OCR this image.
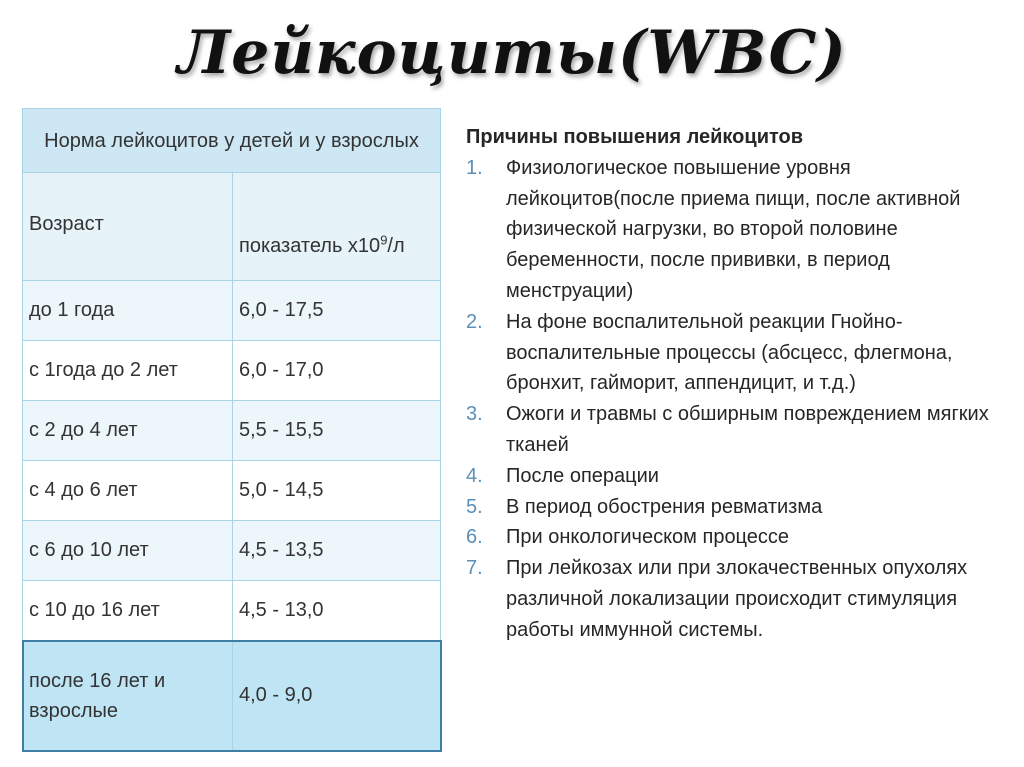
Лейкоциты(WBC)
Норма лейкоцитов у детей и у взрослых	
Возраст	показатель $x10^9/л$
до 1 года	6,0 - 17,5
с 1года до 2 лет	6,0 - 17,0
с 2 до 4 лет	5,5 - 15,5
с 4 до 6 лет	5,0 - 14,5
с 6 до 10 лет	4,5 - 13,5
с 10 до 16 лет	4,5 - 13,0
после 16 лет и взрослые	4,0 - 9,0
Причины повышения лейкоцитов
1. Физиологическое повышение уровня лейкоцитов(после приема пищи, после активной физической нагрузки, во второй половине беременности, после прививки, в период менструации)
2. На фоне воспалительной реакции Гнойно-воспалительные процессы (абсцесс, флегмона, бронхит, гайморит, аппендицит, и т.д.)
3. Ожоги и травмы с обширным повреждением мягких тканей
4. После операции
5. В период обострения ревматизма
6. При онкологическом процессе
7. При лейкозах или при злокачественных опухолях различной локализации происходит стимуляция работы иммунной системы.
